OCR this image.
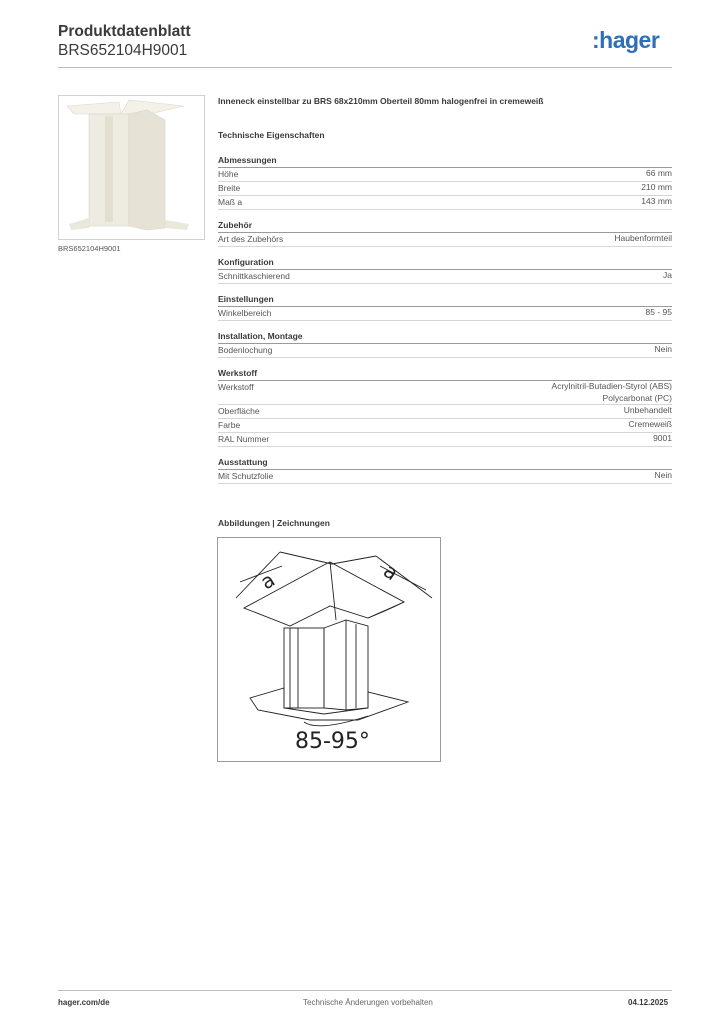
Produktdatenblatt
BRS652104H9001	:hager
BRS652104H9001
Inneneck einstellbar zu BRS 68x210mm Oberteil 80mm halogenfrei in cremeweiß
Technische Eigenschaften
Abmessungen
Höhe	66 mm
Breite	210 mm
Maß a	143 mm
Zubehör
Art des Zubehörs	Haubenformteil
Konfiguration
Schnittkaschierend	Ja
Einstellungen
Winkelbereich	85 - 95
Installation, Montage
Bodenlochung	Nein
Werkstoff
Werkstoff	Acrylnitril-Butadien-Styrol (ABS)
Polycarbonat (PC)
Oberfläche	Unbehandelt
Farbe	Cremeweiß
RAL Nummer	9001
Ausstattung
Mit Schutzfolie	Nein
Abbildungen | Zeichnungen
a	a
85-95°
hager.com/de	Technische Änderungen vorbehalten	04.12.2025
